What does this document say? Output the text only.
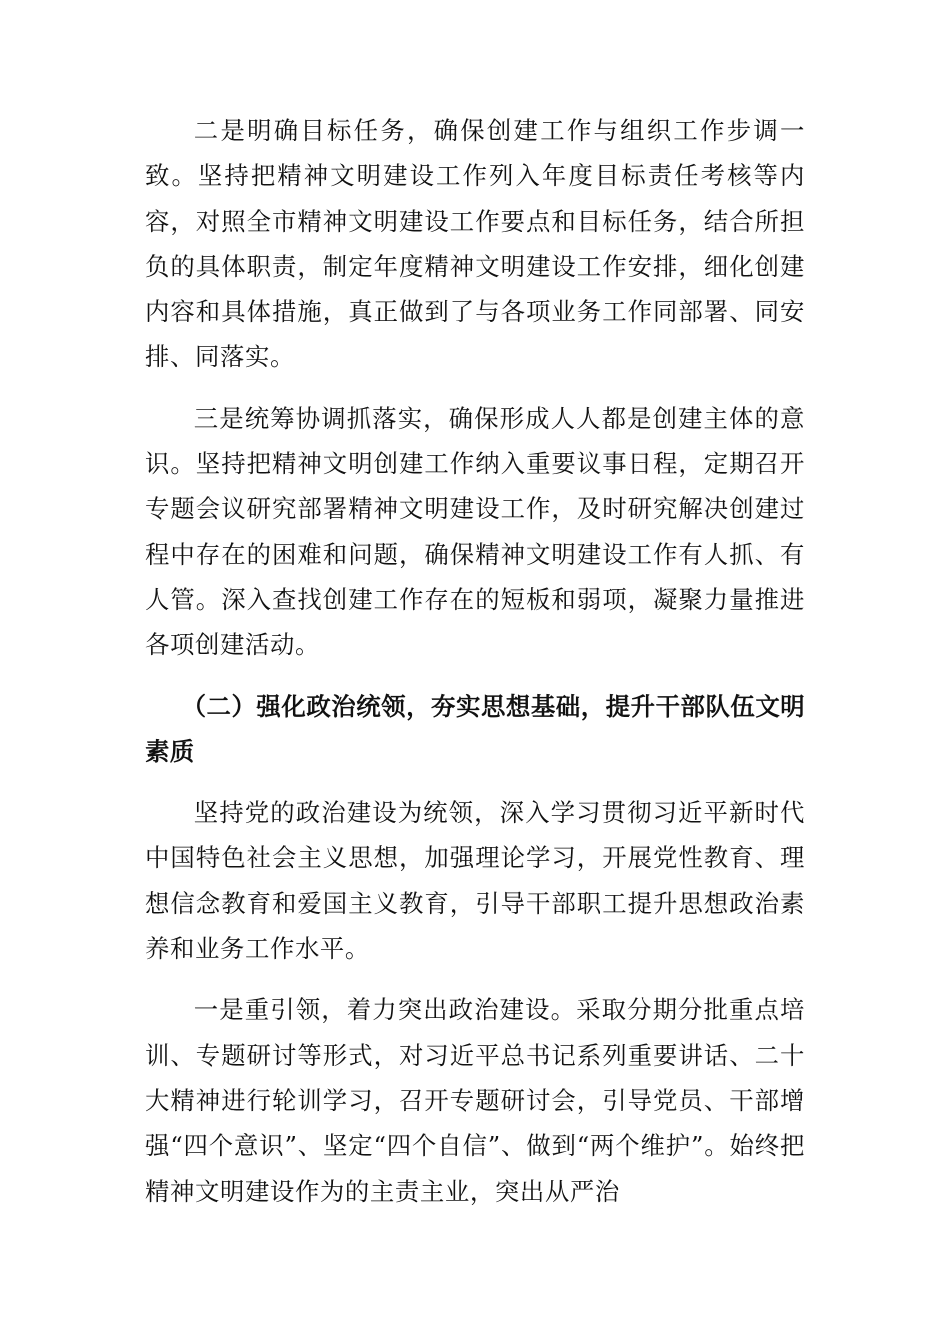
二是明确目标任务，确保创建工作与组织工作步调一致。坚持把精神文明建设工作列入年度目标责任考核等内容，对照全市精神文明建设工作要点和目标任务，结合所担负的具体职责，制定年度精神文明建设工作安排，细化创建内容和具体措施，真正做到了与各项业务工作同部署、同安排、同落实。

三是统筹协调抓落实，确保形成人人都是创建主体的意识。坚持把精神文明创建工作纳入重要议事日程，定期召开专题会议研究部署精神文明建设工作，及时研究解决创建过程中存在的困难和问题，确保精神文明建设工作有人抓、有人管。深入查找创建工作存在的短板和弱项，凝聚力量推进各项创建活动。

（二）强化政治统领，夯实思想基础，提升干部队伍文明素质

坚持党的政治建设为统领，深入学习贯彻习近平新时代中国特色社会主义思想，加强理论学习，开展党性教育、理想信念教育和爱国主义教育，引导干部职工提升思想政治素养和业务工作水平。

一是重引领，着力突出政治建设。采取分期分批重点培训、专题研讨等形式，对习近平总书记系列重要讲话、二十大精神进行轮训学习，召开专题研讨会，引导党员、干部增强“四个意识”、坚定“四个自信”、做到“两个维护”。始终把精神文明建设作为的主责主业，突出从严治
